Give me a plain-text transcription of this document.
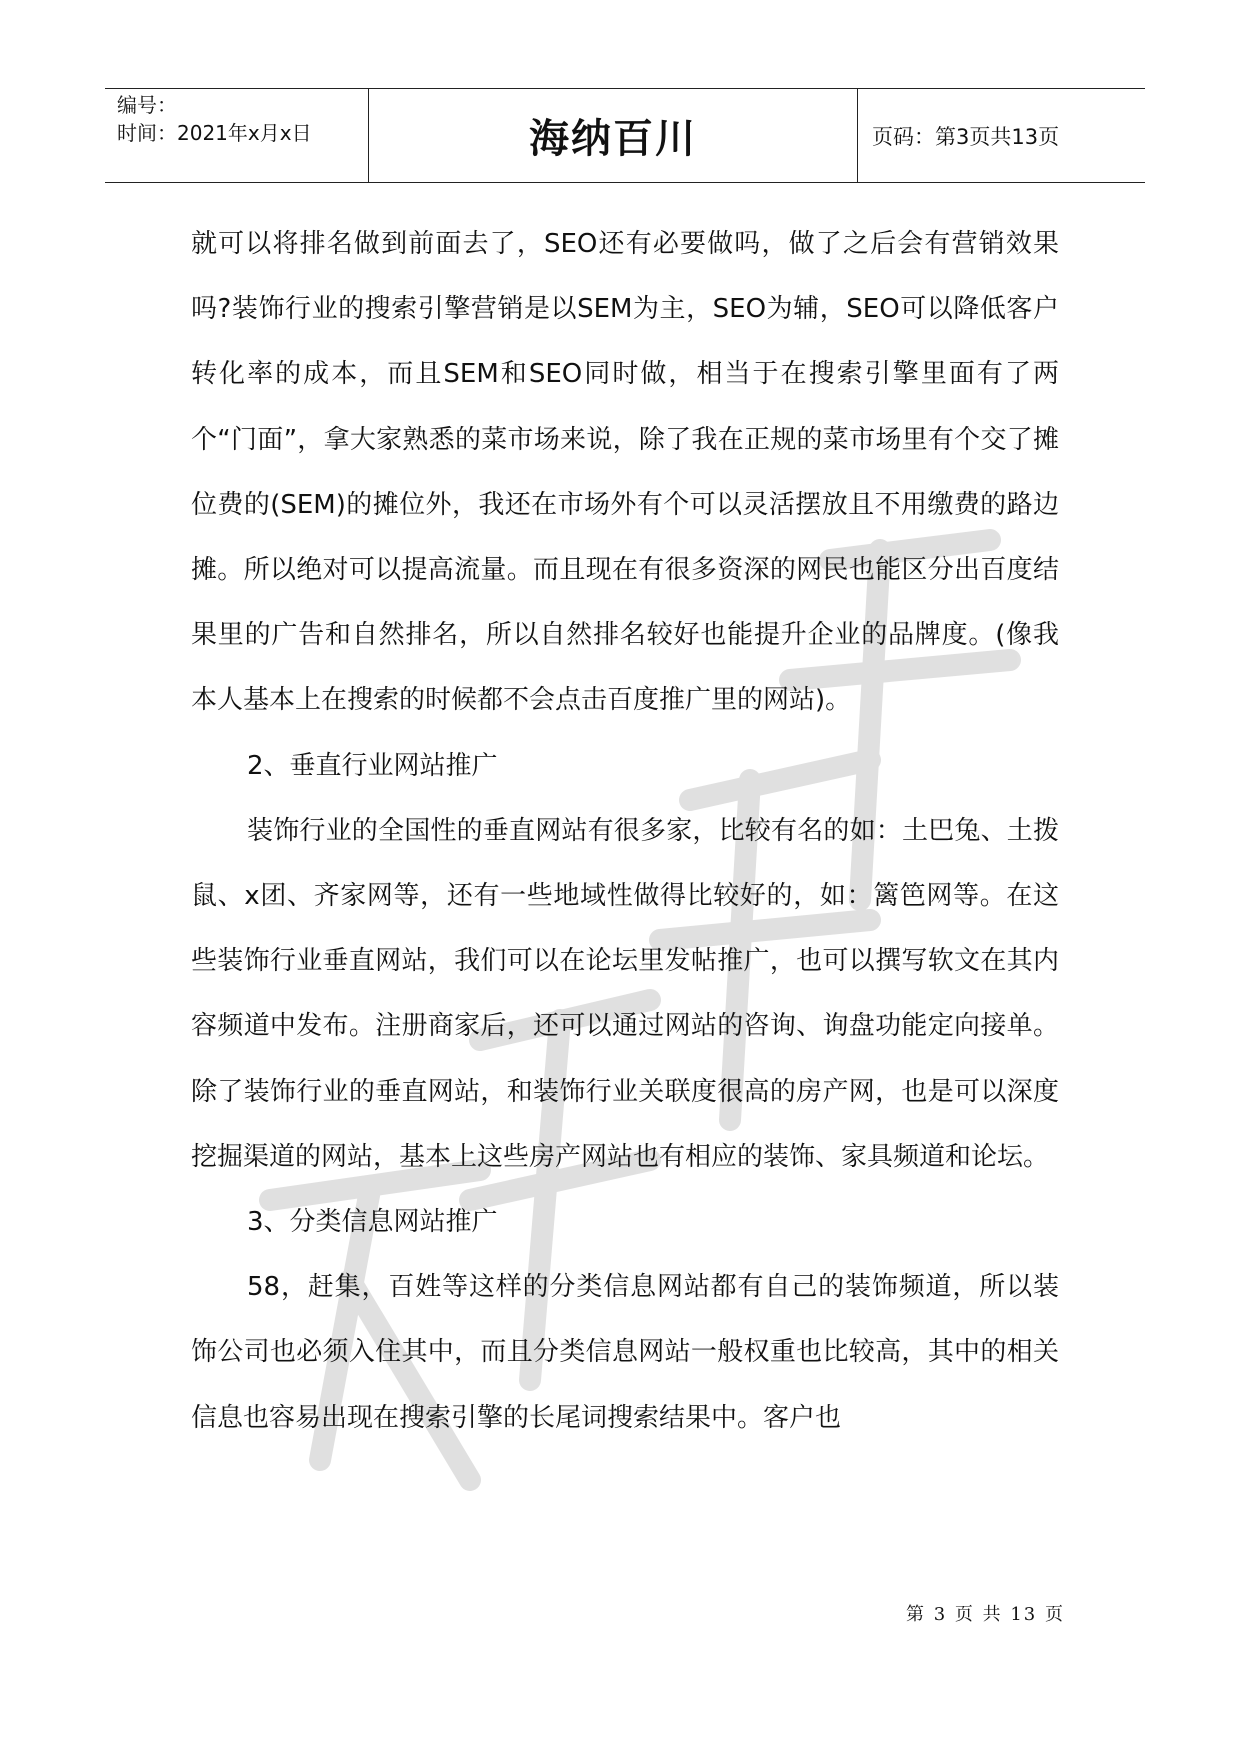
编号：
时间：2021年x月x日	海纳百川	页码：第3页共13页

就可以将排名做到前面去了，SEO还有必要做吗，做了之后会有营销效果吗?装饰行业的搜索引擎营销是以SEM为主，SEO为辅，SEO可以降低客户转化率的成本，而且SEM和SEO同时做，相当于在搜索引擎里面有了两个“门面”，拿大家熟悉的菜市场来说，除了我在正规的菜市场里有个交了摊位费的(SEM)的摊位外，我还在市场外有个可以灵活摆放且不用缴费的路边摊。所以绝对可以提高流量。而且现在有很多资深的网民也能区分出百度结果里的广告和自然排名，所以自然排名较好也能提升企业的品牌度。(像我本人基本上在搜索的时候都不会点击百度推广里的网站)。

2、垂直行业网站推广

装饰行业的全国性的垂直网站有很多家，比较有名的如：土巴兔、土拨鼠、x团、齐家网等，还有一些地域性做得比较好的，如：篱笆网等。在这些装饰行业垂直网站，我们可以在论坛里发帖推广，也可以撰写软文在其内容频道中发布。注册商家后，还可以通过网站的咨询、询盘功能定向接单。除了装饰行业的垂直网站，和装饰行业关联度很高的房产网，也是可以深度挖掘渠道的网站，基本上这些房产网站也有相应的装饰、家具频道和论坛。

3、分类信息网站推广

58，赶集，百姓等这样的分类信息网站都有自己的装饰频道，所以装饰公司也必须入住其中，而且分类信息网站一般权重也比较高，其中的相关信息也容易出现在搜索引擎的长尾词搜索结果中。客户也

第 3 页 共 13 页
